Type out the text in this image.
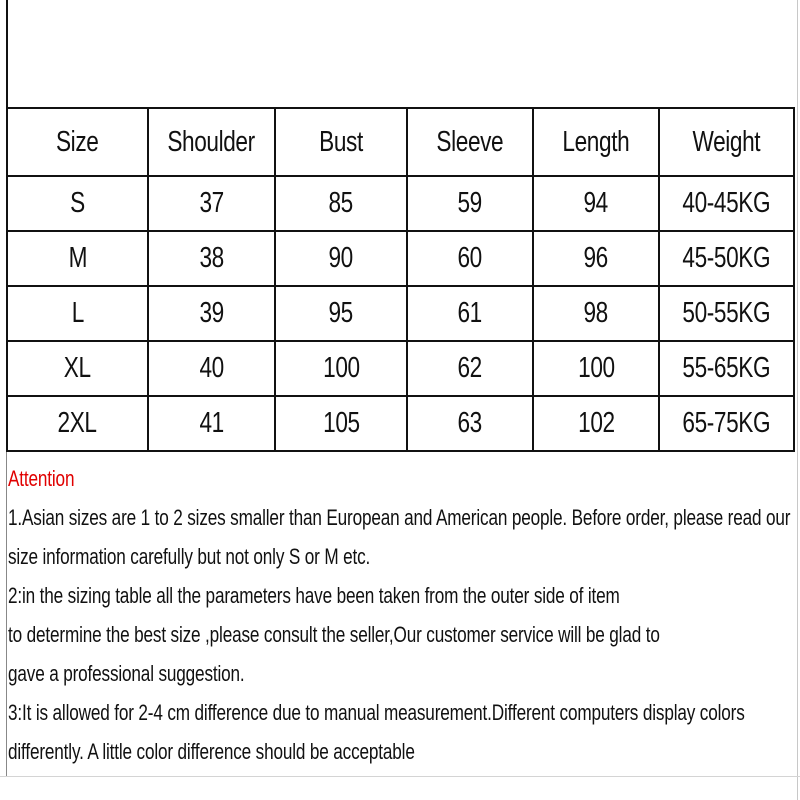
Size	Shoulder	Bust	Sleeve	Length	Weight
S	37	85	59	94	40-45KG
M	38	90	60	96	45-50KG
L	39	95	61	98	50-55KG
XL	40	100	62	100	55-65KG
2XL	41	105	63	102	65-75KG
Attention
1.Asian sizes are 1 to 2 sizes smaller than European and American people. Before order, please read our
size information carefully but not only S or M etc.
2:in the sizing table all the parameters have been taken from the outer side of item
to determine the best size ,please consult the seller,Our customer service will be glad to
gave a professional suggestion.
3:It is allowed for 2-4 cm difference due to manual measurement.Different computers display colors
differently. A little color difference should be acceptable
